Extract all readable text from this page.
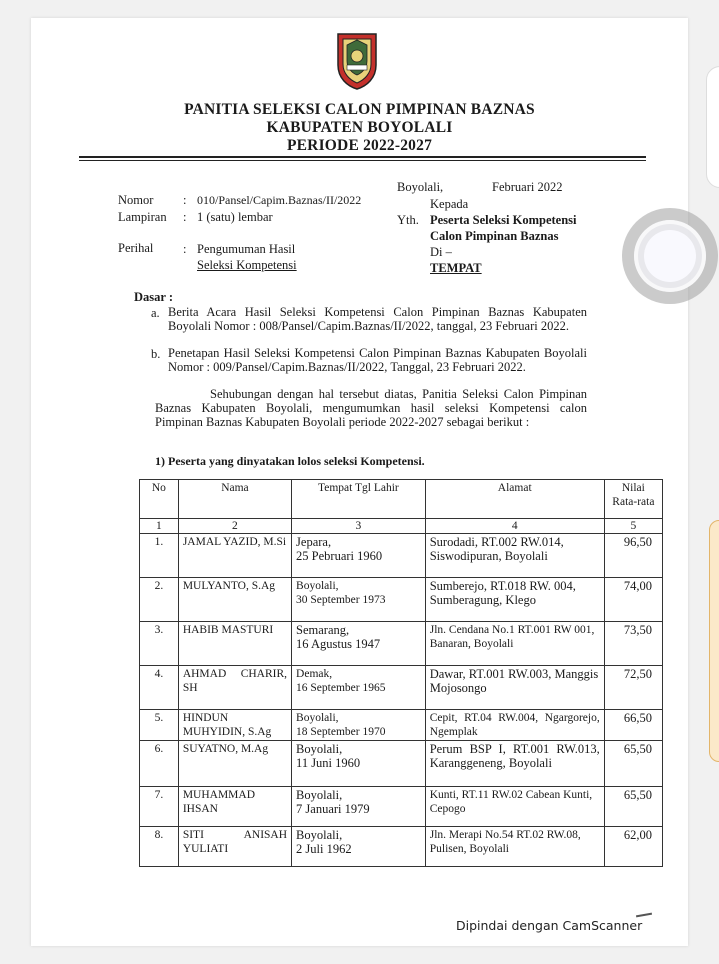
PANITIA SELEKSI CALON PIMPINAN BAZNAS
KABUPATEN BOYOLALI
PERIODE 2022-2027
Nomor : 010/Pansel/Capim.Baznas/II/2022
Lampiran : 1 (satu) lembar
Perihal : Pengumuman Hasil
Seleksi Kompetensi
Boyolali,	Februari 2022
Kepada
Yth. Peserta Seleksi Kompetensi
Calon Pimpinan Baznas
Di –
TEMPAT
Dasar :
a. Berita Acara Hasil Seleksi Kompetensi Calon Pimpinan Baznas Kabupaten Boyolali Nomor : 008/Pansel/Capim.Baznas/II/2022, tanggal, 23 Februari 2022.
b. Penetapan Hasil Seleksi Kompetensi Calon Pimpinan Baznas Kabupaten Boyolali Nomor : 009/Pansel/Capim.Baznas/II/2022, Tanggal, 23 Februari 2022.
Sehubungan dengan hal tersebut diatas, Panitia Seleksi Calon Pimpinan Baznas Kabupaten Boyolali, mengumumkan hasil seleksi Kompetensi calon Pimpinan Baznas Kabupaten Boyolali periode 2022-2027 sebagai berikut :
1) Peserta yang dinyatakan lolos seleksi Kompetensi.
No	Nama	Tempat Tgl Lahir	Alamat	Nilai Rata-rata
1	2	3	4	5
1.	JAMAL YAZID, M.Si	Jepara,
25 Pebruari 1960	Surodadi, RT.002 RW.014, Siswodipuran, Boyolali	96,50
2.	MULYANTO, S.Ag	Boyolali,
30 September 1973	Sumberejo, RT.018 RW. 004, Sumberagung, Klego	74,00
3.	HABIB MASTURI	Semarang,
16 Agustus 1947	Jln. Cendana No.1 RT.001 RW 001, Banaran, Boyolali	73,50
4.	AHMAD CHARIR, SH	Demak,
16 September 1965	Dawar, RT.001 RW.003, Manggis Mojosongo	72,50
5.	HINDUN MUHYIDIN, S.Ag	Boyolali,
18 September 1970	Cepit, RT.04 RW.004, Ngargorejo, Ngemplak	66,50
6.	SUYATNO, M.Ag	Boyolali,
11 Juni 1960	Perum BSP I, RT.001 RW.013, Karanggeneng, Boyolali	65,50
7.	MUHAMMAD IHSAN	Boyolali,
7 Januari 1979	Kunti, RT.11 RW.02 Cabean Kunti, Cepogo	65,50
8.	SITI ANISAH YULIATI	Boyolali,
2 Juli 1962	Jln. Merapi No.54 RT.02 RW.08, Pulisen, Boyolali	62,00
Dipindai dengan CamScanner
